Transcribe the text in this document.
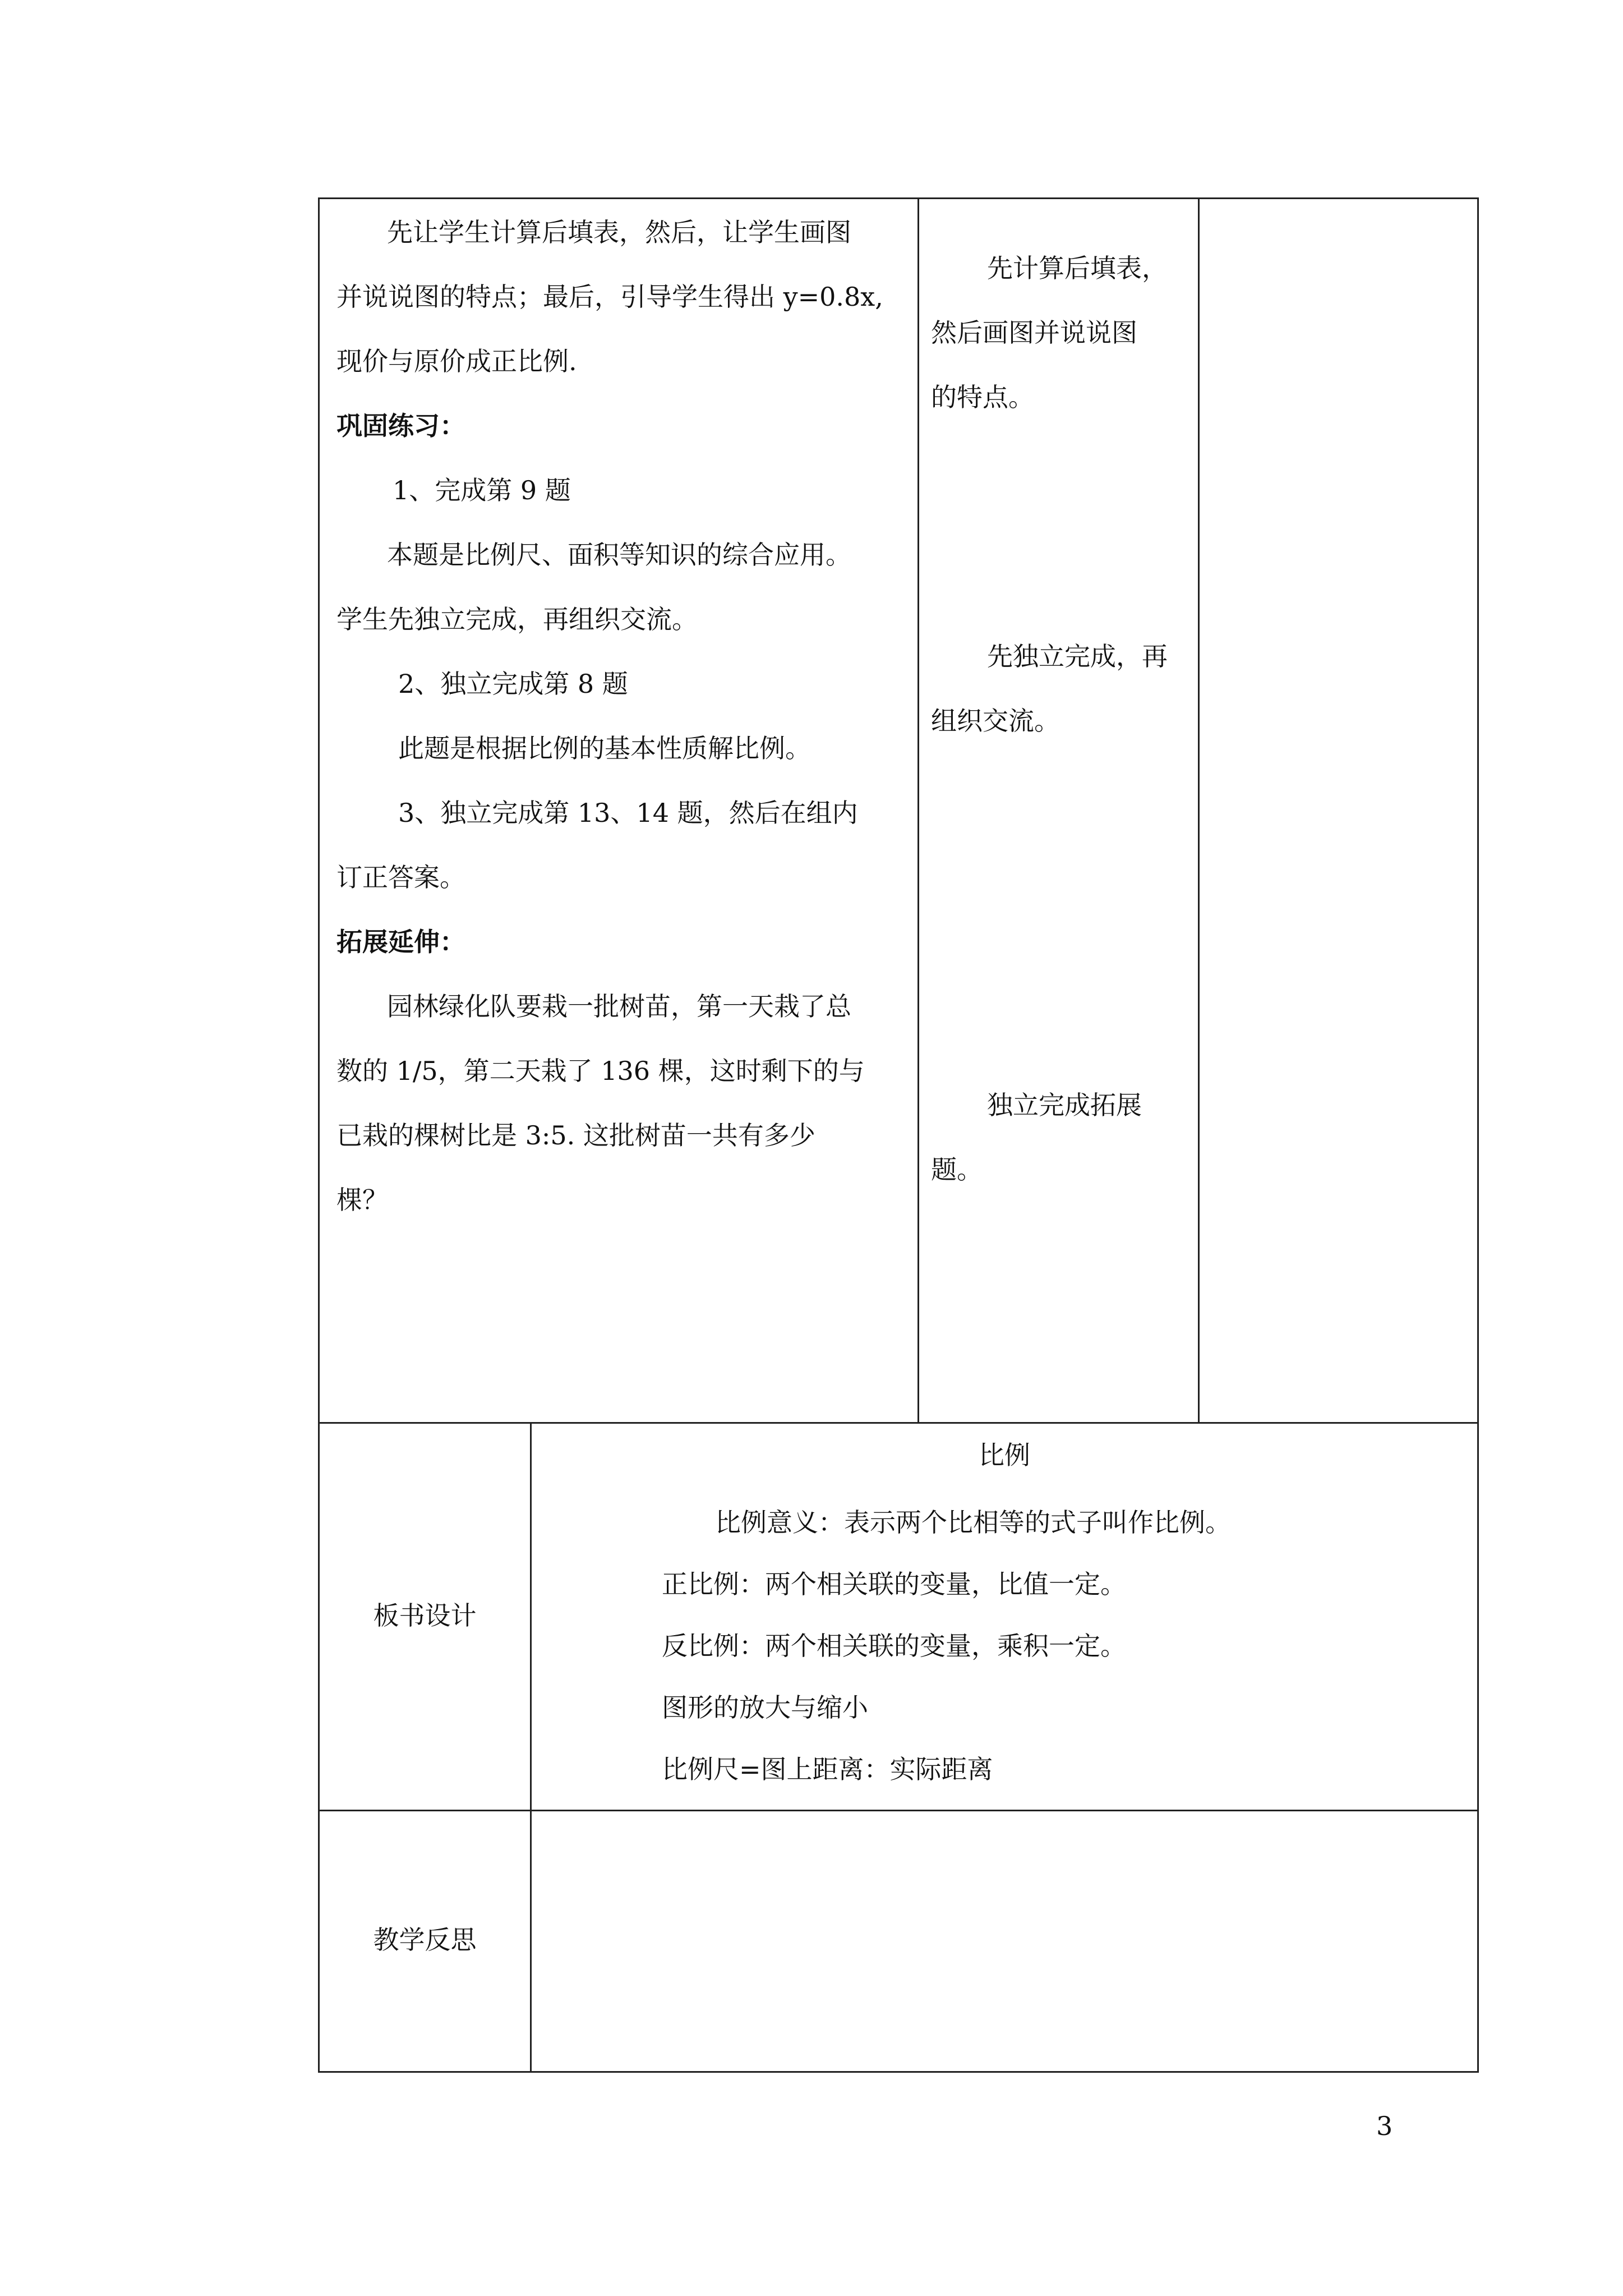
先让学生计算后填表，然后，让学生画图
并说说图的特点；最后，引导学生得出 y=0.8x,
现价与原价成正比例.
巩固练习：
1、完成第 9 题
本题是比例尺、面积等知识的综合应用。
学生先独立完成，再组织交流。
2、独立完成第 8 题
此题是根据比例的基本性质解比例。
3、独立完成第 13、14 题，然后在组内
订正答案。
拓展延伸：
园林绿化队要栽一批树苗，第一天栽了总
数的 1/5，第二天栽了 136 棵，这时剩下的与
已栽的棵树比是 3:5. 这批树苗一共有多少
棵？
先计算后填表，
然后画图并说说图
的特点。
先独立完成，再
组织交流。
独立完成拓展
题。
板书设计
比例
比例意义：表示两个比相等的式子叫作比例。
正比例：两个相关联的变量，比值一定。
反比例：两个相关联的变量，乘积一定。
图形的放大与缩小
比例尺=图上距离：实际距离
教学反思
3
